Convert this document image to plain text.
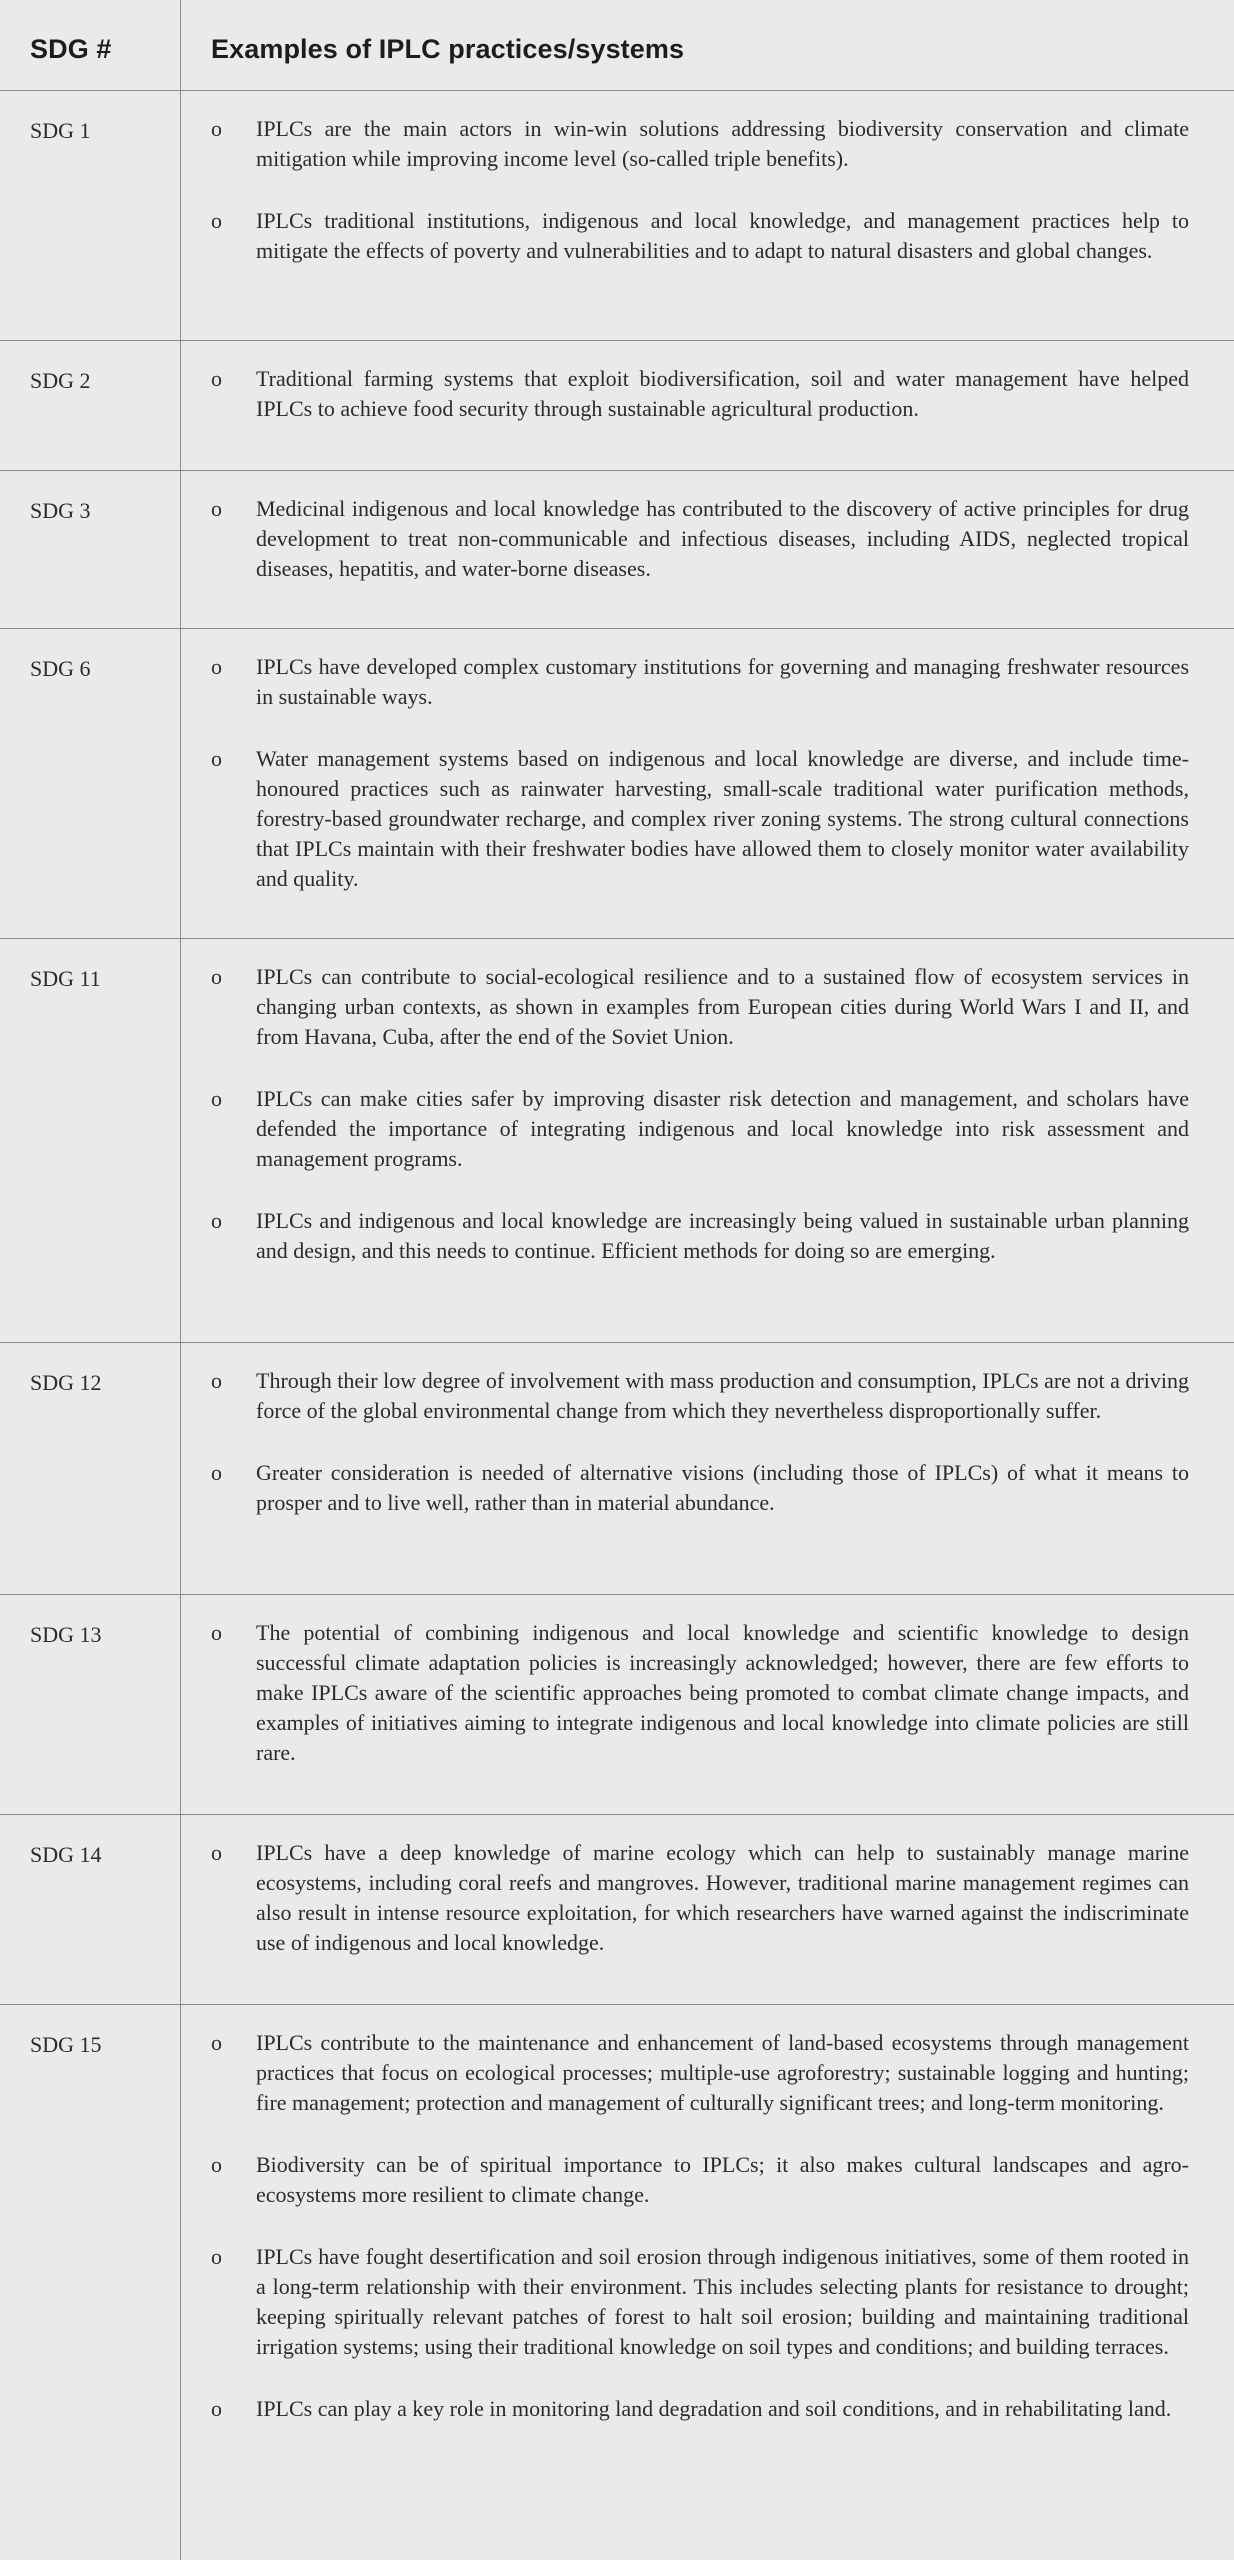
SDG #	Examples of IPLC practices/systems
SDG 1	o IPLCs are the main actors in win-win solutions addressing biodiversity conservation and climate mitigation while improving income level (so-called triple benefits).
o IPLCs traditional institutions, indigenous and local knowledge, and management practices help to mitigate the effects of poverty and vulnerabilities and to adapt to natural disasters and global changes.
SDG 2	o Traditional farming systems that exploit biodiversification, soil and water management have helped IPLCs to achieve food security through sustainable agricultural production.
SDG 3	o Medicinal indigenous and local knowledge has contributed to the discovery of active principles for drug development to treat non-communicable and infectious diseases, including AIDS, neglected tropical diseases, hepatitis, and water-borne diseases.
SDG 6	o IPLCs have developed complex customary institutions for governing and managing freshwater resources in sustainable ways.
o Water management systems based on indigenous and local knowledge are diverse, and include time-honoured practices such as rainwater harvesting, small-scale traditional water purification methods, forestry-based groundwater recharge, and complex river zoning systems. The strong cultural connections that IPLCs maintain with their freshwater bodies have allowed them to closely monitor water availability and quality.
SDG 11	o IPLCs can contribute to social-ecological resilience and to a sustained flow of ecosystem services in changing urban contexts, as shown in examples from European cities during World Wars I and II, and from Havana, Cuba, after the end of the Soviet Union.
o IPLCs can make cities safer by improving disaster risk detection and management, and scholars have defended the importance of integrating indigenous and local knowledge into risk assessment and management programs.
o IPLCs and indigenous and local knowledge are increasingly being valued in sustainable urban planning and design, and this needs to continue. Efficient methods for doing so are emerging.
SDG 12	o Through their low degree of involvement with mass production and consumption, IPLCs are not a driving force of the global environmental change from which they nevertheless disproportionally suffer.
o Greater consideration is needed of alternative visions (including those of IPLCs) of what it means to prosper and to live well, rather than in material abundance.
SDG 13	o The potential of combining indigenous and local knowledge and scientific knowledge to design successful climate adaptation policies is increasingly acknowledged; however, there are few efforts to make IPLCs aware of the scientific approaches being promoted to combat climate change impacts, and examples of initiatives aiming to integrate indigenous and local knowledge into climate policies are still rare.
SDG 14	o IPLCs have a deep knowledge of marine ecology which can help to sustainably manage marine ecosystems, including coral reefs and mangroves. However, traditional marine management regimes can also result in intense resource exploitation, for which researchers have warned against the indiscriminate use of indigenous and local knowledge.
SDG 15	o IPLCs contribute to the maintenance and enhancement of land-based ecosystems through management practices that focus on ecological processes; multiple-use agroforestry; sustainable logging and hunting; fire management; protection and management of culturally significant trees; and long-term monitoring.
o Biodiversity can be of spiritual importance to IPLCs; it also makes cultural landscapes and agro-ecosystems more resilient to climate change.
o IPLCs have fought desertification and soil erosion through indigenous initiatives, some of them rooted in a long-term relationship with their environment. This includes selecting plants for resistance to drought; keeping spiritually relevant patches of forest to halt soil erosion; building and maintaining traditional irrigation systems; using their traditional knowledge on soil types and conditions; and building terraces.
o IPLCs can play a key role in monitoring land degradation and soil conditions, and in rehabilitating land.
